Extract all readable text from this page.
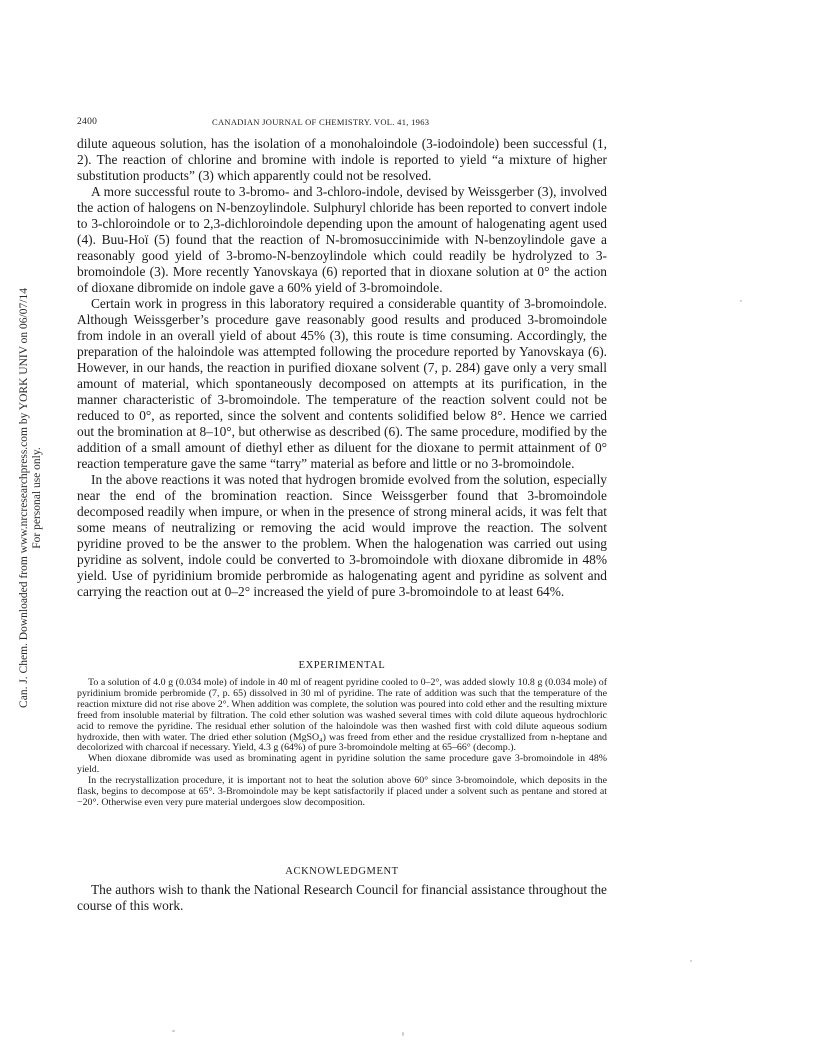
Can. J. Chem. Downloaded from www.nrcresearchpress.com by YORK UNIV on 06/07/14 For personal use only.
2400	CANADIAN JOURNAL OF CHEMISTRY. VOL. 41, 1963

dilute aqueous solution, has the isolation of a monohaloindole (3-iodoindole) been successful (1, 2). The reaction of chlorine and bromine with indole is reported to yield “a mixture of higher substitution products” (3) which apparently could not be resolved.

A more successful route to 3-bromo- and 3-chloro-indole, devised by Weissgerber (3), involved the action of halogens on N-benzoylindole. Sulphuryl chloride has been reported to convert indole to 3-chloroindole or to 2,3-dichloroindole depending upon the amount of halogenating agent used (4). Buu-Hoï (5) found that the reaction of N-bromosuccinimide with N-benzoylindole gave a reasonably good yield of 3-bromo-N-benzoylindole which could readily be hydrolyzed to 3-bromoindole (3). More recently Yanovskaya (6) reported that in dioxane solution at 0° the action of dioxane dibromide on indole gave a 60% yield of 3-bromoindole.

Certain work in progress in this laboratory required a considerable quantity of 3-bromoindole. Although Weissgerber’s procedure gave reasonably good results and produced 3-bromoindole from indole in an overall yield of about 45% (3), this route is time consuming. Accordingly, the preparation of the haloindole was attempted following the procedure reported by Yanovskaya (6). However, in our hands, the reaction in purified dioxane solvent (7, p. 284) gave only a very small amount of material, which spontaneously decomposed on attempts at its purification, in the manner characteristic of 3-bromoindole. The temperature of the reaction solvent could not be reduced to 0°, as reported, since the solvent and contents solidified below 8°. Hence we carried out the bromination at 8–10°, but otherwise as described (6). The same procedure, modified by the addition of a small amount of diethyl ether as diluent for the dioxane to permit attainment of 0° reaction temperature gave the same “tarry” material as before and little or no 3-bromoindole.

In the above reactions it was noted that hydrogen bromide evolved from the solution, especially near the end of the bromination reaction. Since Weissgerber found that 3-bromoindole decomposed readily when impure, or when in the presence of strong mineral acids, it was felt that some means of neutralizing or removing the acid would improve the reaction. The solvent pyridine proved to be the answer to the problem. When the halogenation was carried out using pyridine as solvent, indole could be converted to 3-bromoindole with dioxane dibromide in 48% yield. Use of pyridinium bromide perbromide as halogenating agent and pyridine as solvent and carrying the reaction out at 0–2° increased the yield of pure 3-bromoindole to at least 64%.

EXPERIMENTAL

To a solution of 4.0 g (0.034 mole) of indole in 40 ml of reagent pyridine cooled to 0–2°, was added slowly 10.8 g (0.034 mole) of pyridinium bromide perbromide (7, p. 65) dissolved in 30 ml of pyridine. The rate of addition was such that the temperature of the reaction mixture did not rise above 2°. When addition was complete, the solution was poured into cold ether and the resulting mixture freed from insoluble material by filtration. The cold ether solution was washed several times with cold dilute aqueous hydrochloric acid to remove the pyridine. The residual ether solution of the haloindole was then washed first with cold dilute aqueous sodium hydroxide, then with water. The dried ether solution (MgSO₄) was freed from ether and the residue crystallized from n-heptane and decolorized with charcoal if necessary. Yield, 4.3 g (64%) of pure 3-bromoindole melting at 65–66° (decomp.).

When dioxane dibromide was used as brominating agent in pyridine solution the same procedure gave 3-bromoindole in 48% yield.

In the recrystallization procedure, it is important not to heat the solution above 60° since 3-bromoindole, which deposits in the flask, begins to decompose at 65°. 3-Bromoindole may be kept satisfactorily if placed under a solvent such as pentane and stored at −20°. Otherwise even very pure material undergoes slow decomposition.

ACKNOWLEDGMENT

The authors wish to thank the National Research Council for financial assistance throughout the course of this work.
